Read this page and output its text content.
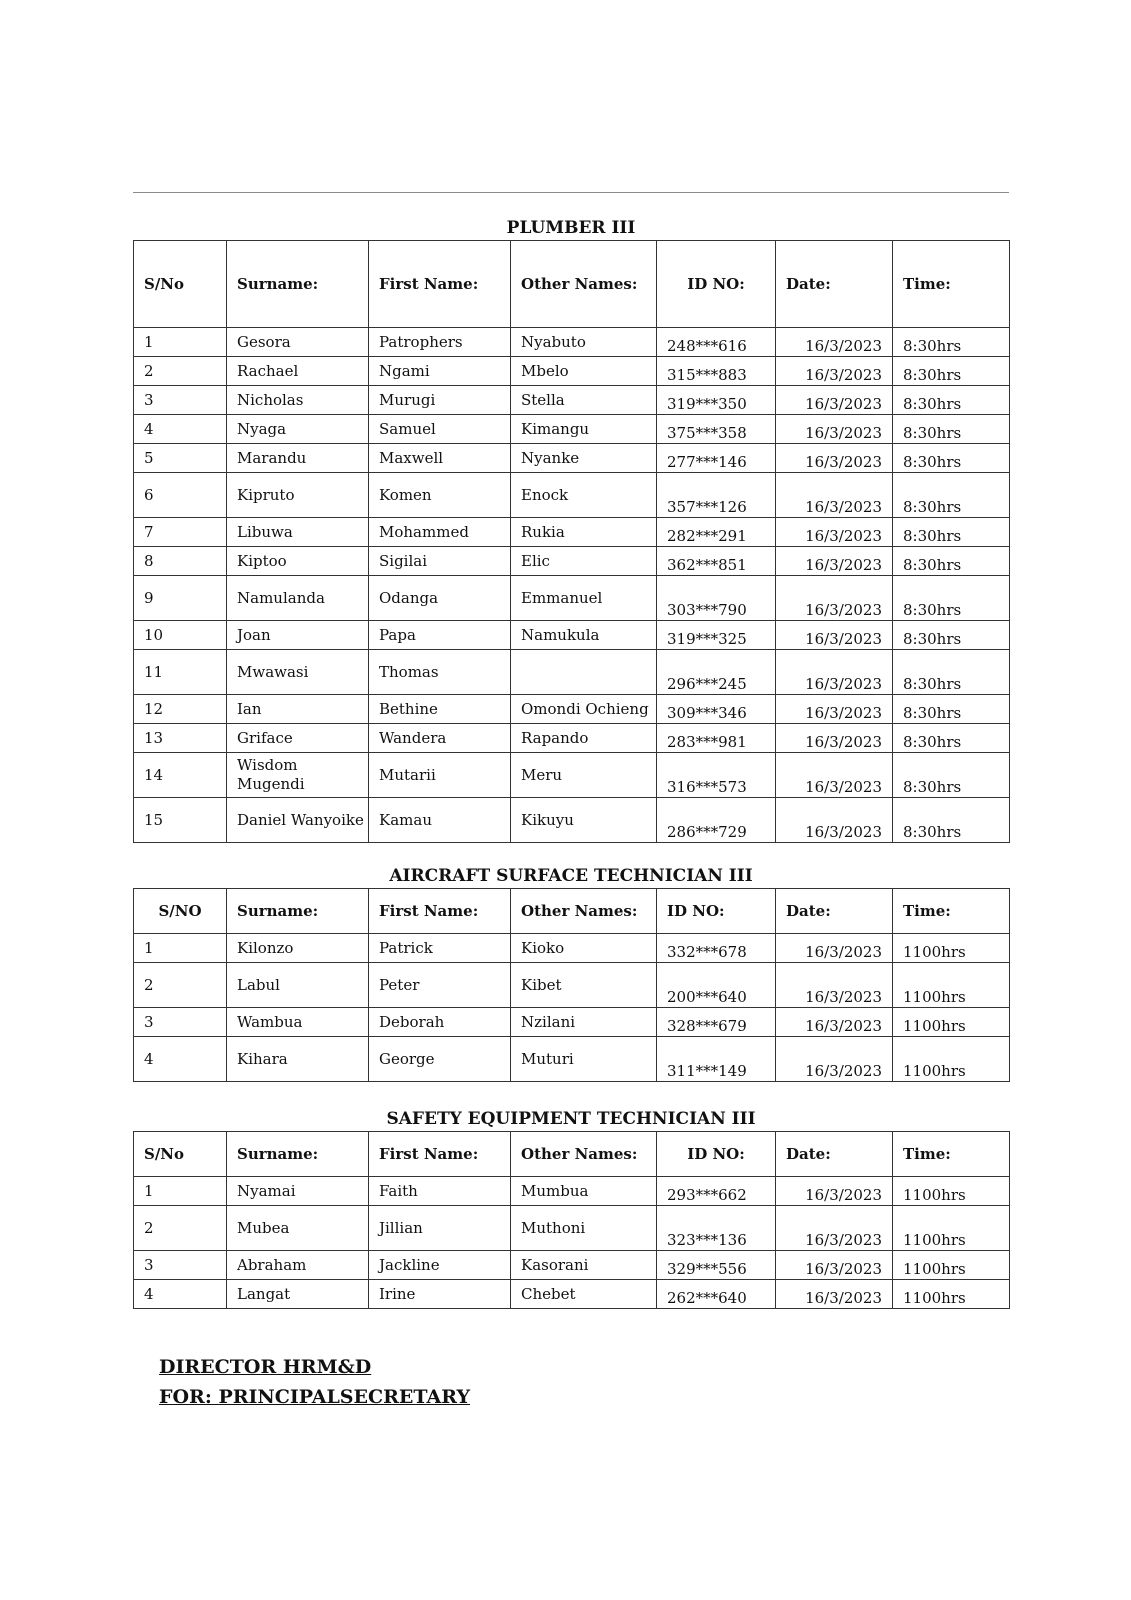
PLUMBER III
S/No	Surname:	First Name:	Other Names:	ID NO:	Date:	Time:
1	Gesora	Patrophers	Nyabuto	248***616	16/3/2023	8:30hrs
2	Rachael	Ngami	Mbelo	315***883	16/3/2023	8:30hrs
3	Nicholas	Murugi	Stella	319***350	16/3/2023	8:30hrs
4	Nyaga	Samuel	Kimangu	375***358	16/3/2023	8:30hrs
5	Marandu	Maxwell	Nyanke	277***146	16/3/2023	8:30hrs
6	Kipruto	Komen	Enock	357***126	16/3/2023	8:30hrs
7	Libuwa	Mohammed	Rukia	282***291	16/3/2023	8:30hrs
8	Kiptoo	Sigilai	Elic	362***851	16/3/2023	8:30hrs
9	Namulanda	Odanga	Emmanuel	303***790	16/3/2023	8:30hrs
10	Joan	Papa	Namukula	319***325	16/3/2023	8:30hrs
11	Mwawasi	Thomas		296***245	16/3/2023	8:30hrs
12	Ian	Bethine	Omondi Ochieng	309***346	16/3/2023	8:30hrs
13	Griface	Wandera	Rapando	283***981	16/3/2023	8:30hrs
14	Wisdom Mugendi	Mutarii	Meru	316***573	16/3/2023	8:30hrs
15	Daniel Wanyoike	Kamau	Kikuyu	286***729	16/3/2023	8:30hrs
AIRCRAFT SURFACE TECHNICIAN III
S/NO	Surname:	First Name:	Other Names:	ID NO:	Date:	Time:
1	Kilonzo	Patrick	Kioko	332***678	16/3/2023	1100hrs
2	Labul	Peter	Kibet	200***640	16/3/2023	1100hrs
3	Wambua	Deborah	Nzilani	328***679	16/3/2023	1100hrs
4	Kihara	George	Muturi	311***149	16/3/2023	1100hrs
SAFETY EQUIPMENT TECHNICIAN III
S/No	Surname:	First Name:	Other Names:	ID NO:	Date:	Time:
1	Nyamai	Faith	Mumbua	293***662	16/3/2023	1100hrs
2	Mubea	Jillian	Muthoni	323***136	16/3/2023	1100hrs
3	Abraham	Jackline	Kasorani	329***556	16/3/2023	1100hrs
4	Langat	Irine	Chebet	262***640	16/3/2023	1100hrs
DIRECTOR HRM&D
FOR: PRINCIPALSECRETARY
